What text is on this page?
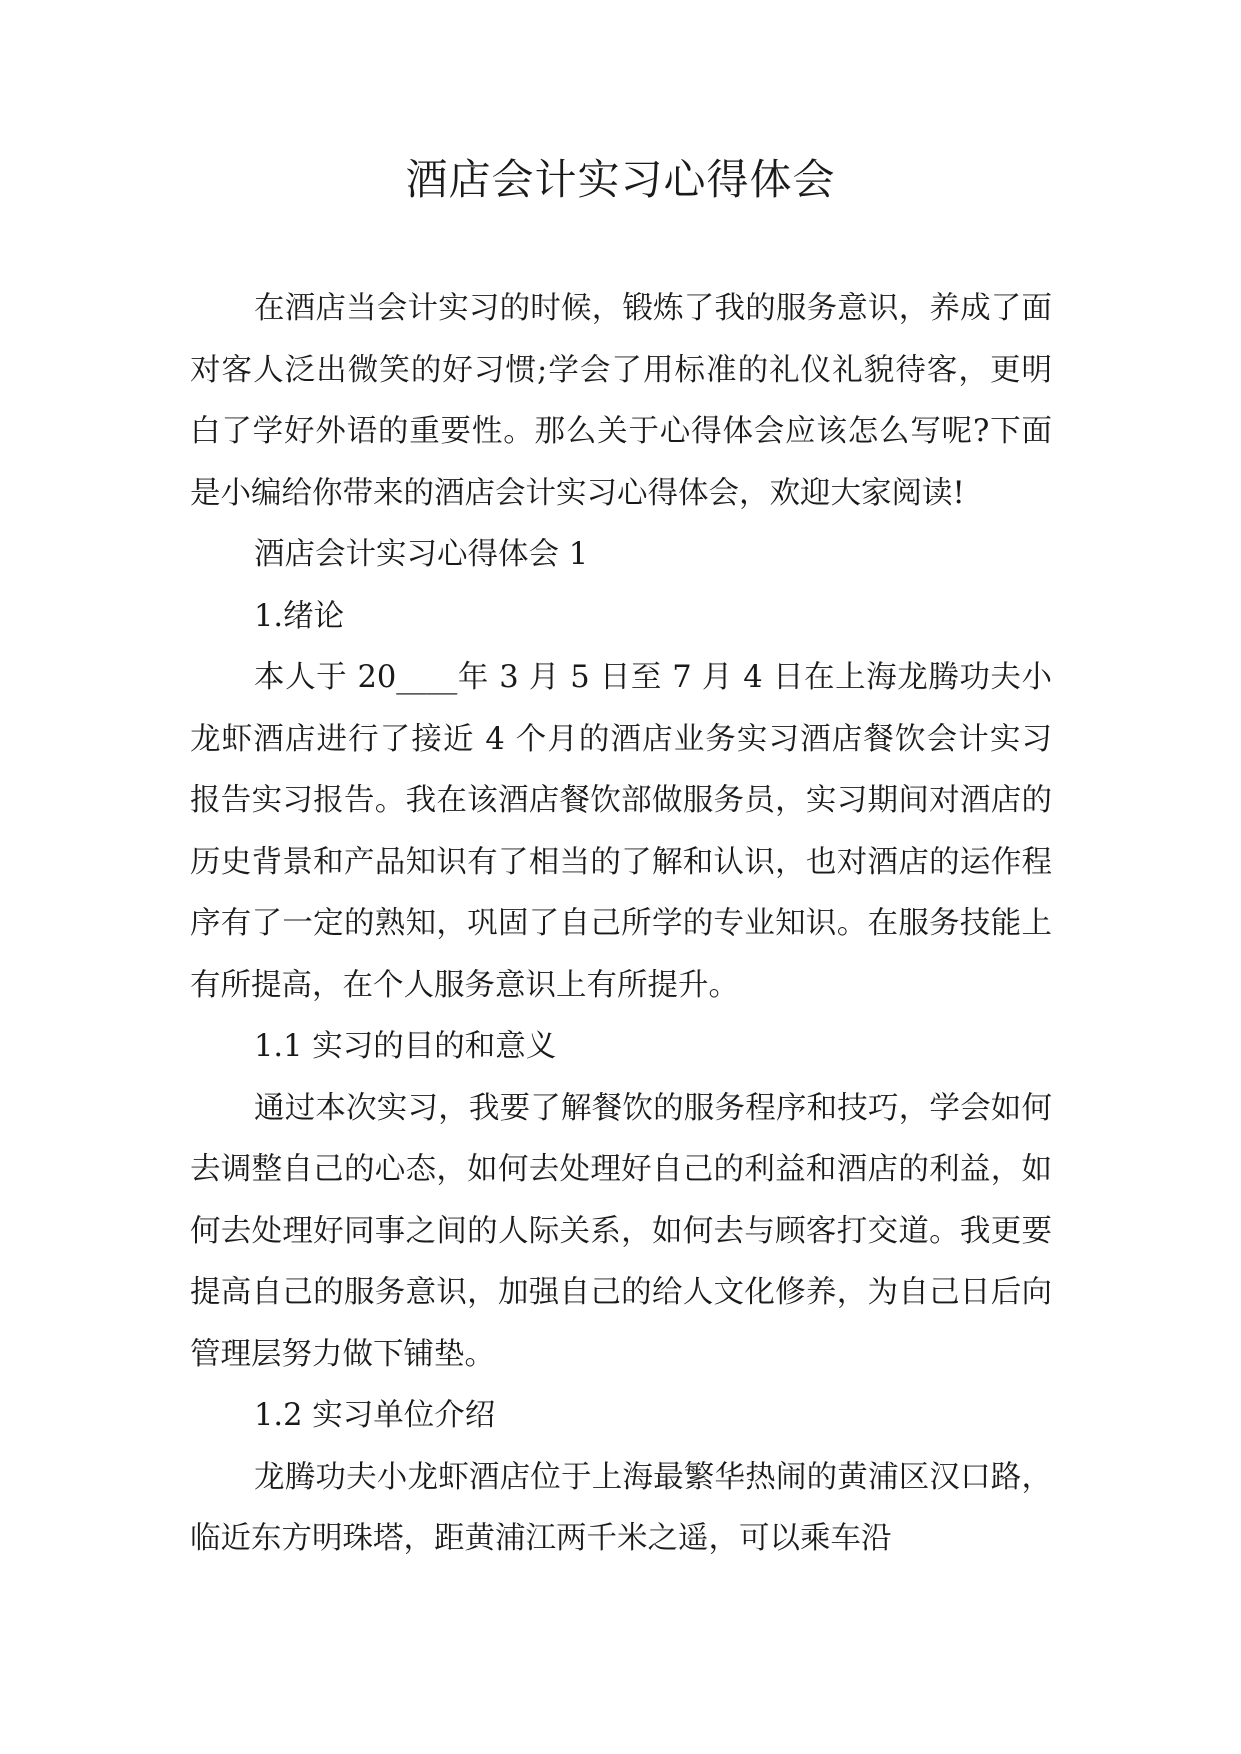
酒店会计实习心得体会

在酒店当会计实习的时候，锻炼了我的服务意识，养成了面对客人泛出微笑的好习惯;学会了用标准的礼仪礼貌待客，更明白了学好外语的重要性。那么关于心得体会应该怎么写呢?下面是小编给你带来的酒店会计实习心得体会，欢迎大家阅读!

酒店会计实习心得体会 1

1.绪论

本人于 20____年 3 月 5 日至 7 月 4 日在上海龙腾功夫小龙虾酒店进行了接近 4 个月的酒店业务实习酒店餐饮会计实习报告实习报告。我在该酒店餐饮部做服务员，实习期间对酒店的历史背景和产品知识有了相当的了解和认识，也对酒店的运作程序有了一定的熟知，巩固了自己所学的专业知识。在服务技能上有所提高，在个人服务意识上有所提升。

1.1 实习的目的和意义

通过本次实习，我要了解餐饮的服务程序和技巧，学会如何去调整自己的心态，如何去处理好自己的利益和酒店的利益，如何去处理好同事之间的人际关系，如何去与顾客打交道。我更要提高自己的服务意识，加强自己的给人文化修养，为自己日后向管理层努力做下铺垫。

1.2 实习单位介绍

龙腾功夫小龙虾酒店位于上海最繁华热闹的黄浦区汉口路，临近东方明珠塔，距黄浦江两千米之遥，可以乘车沿
